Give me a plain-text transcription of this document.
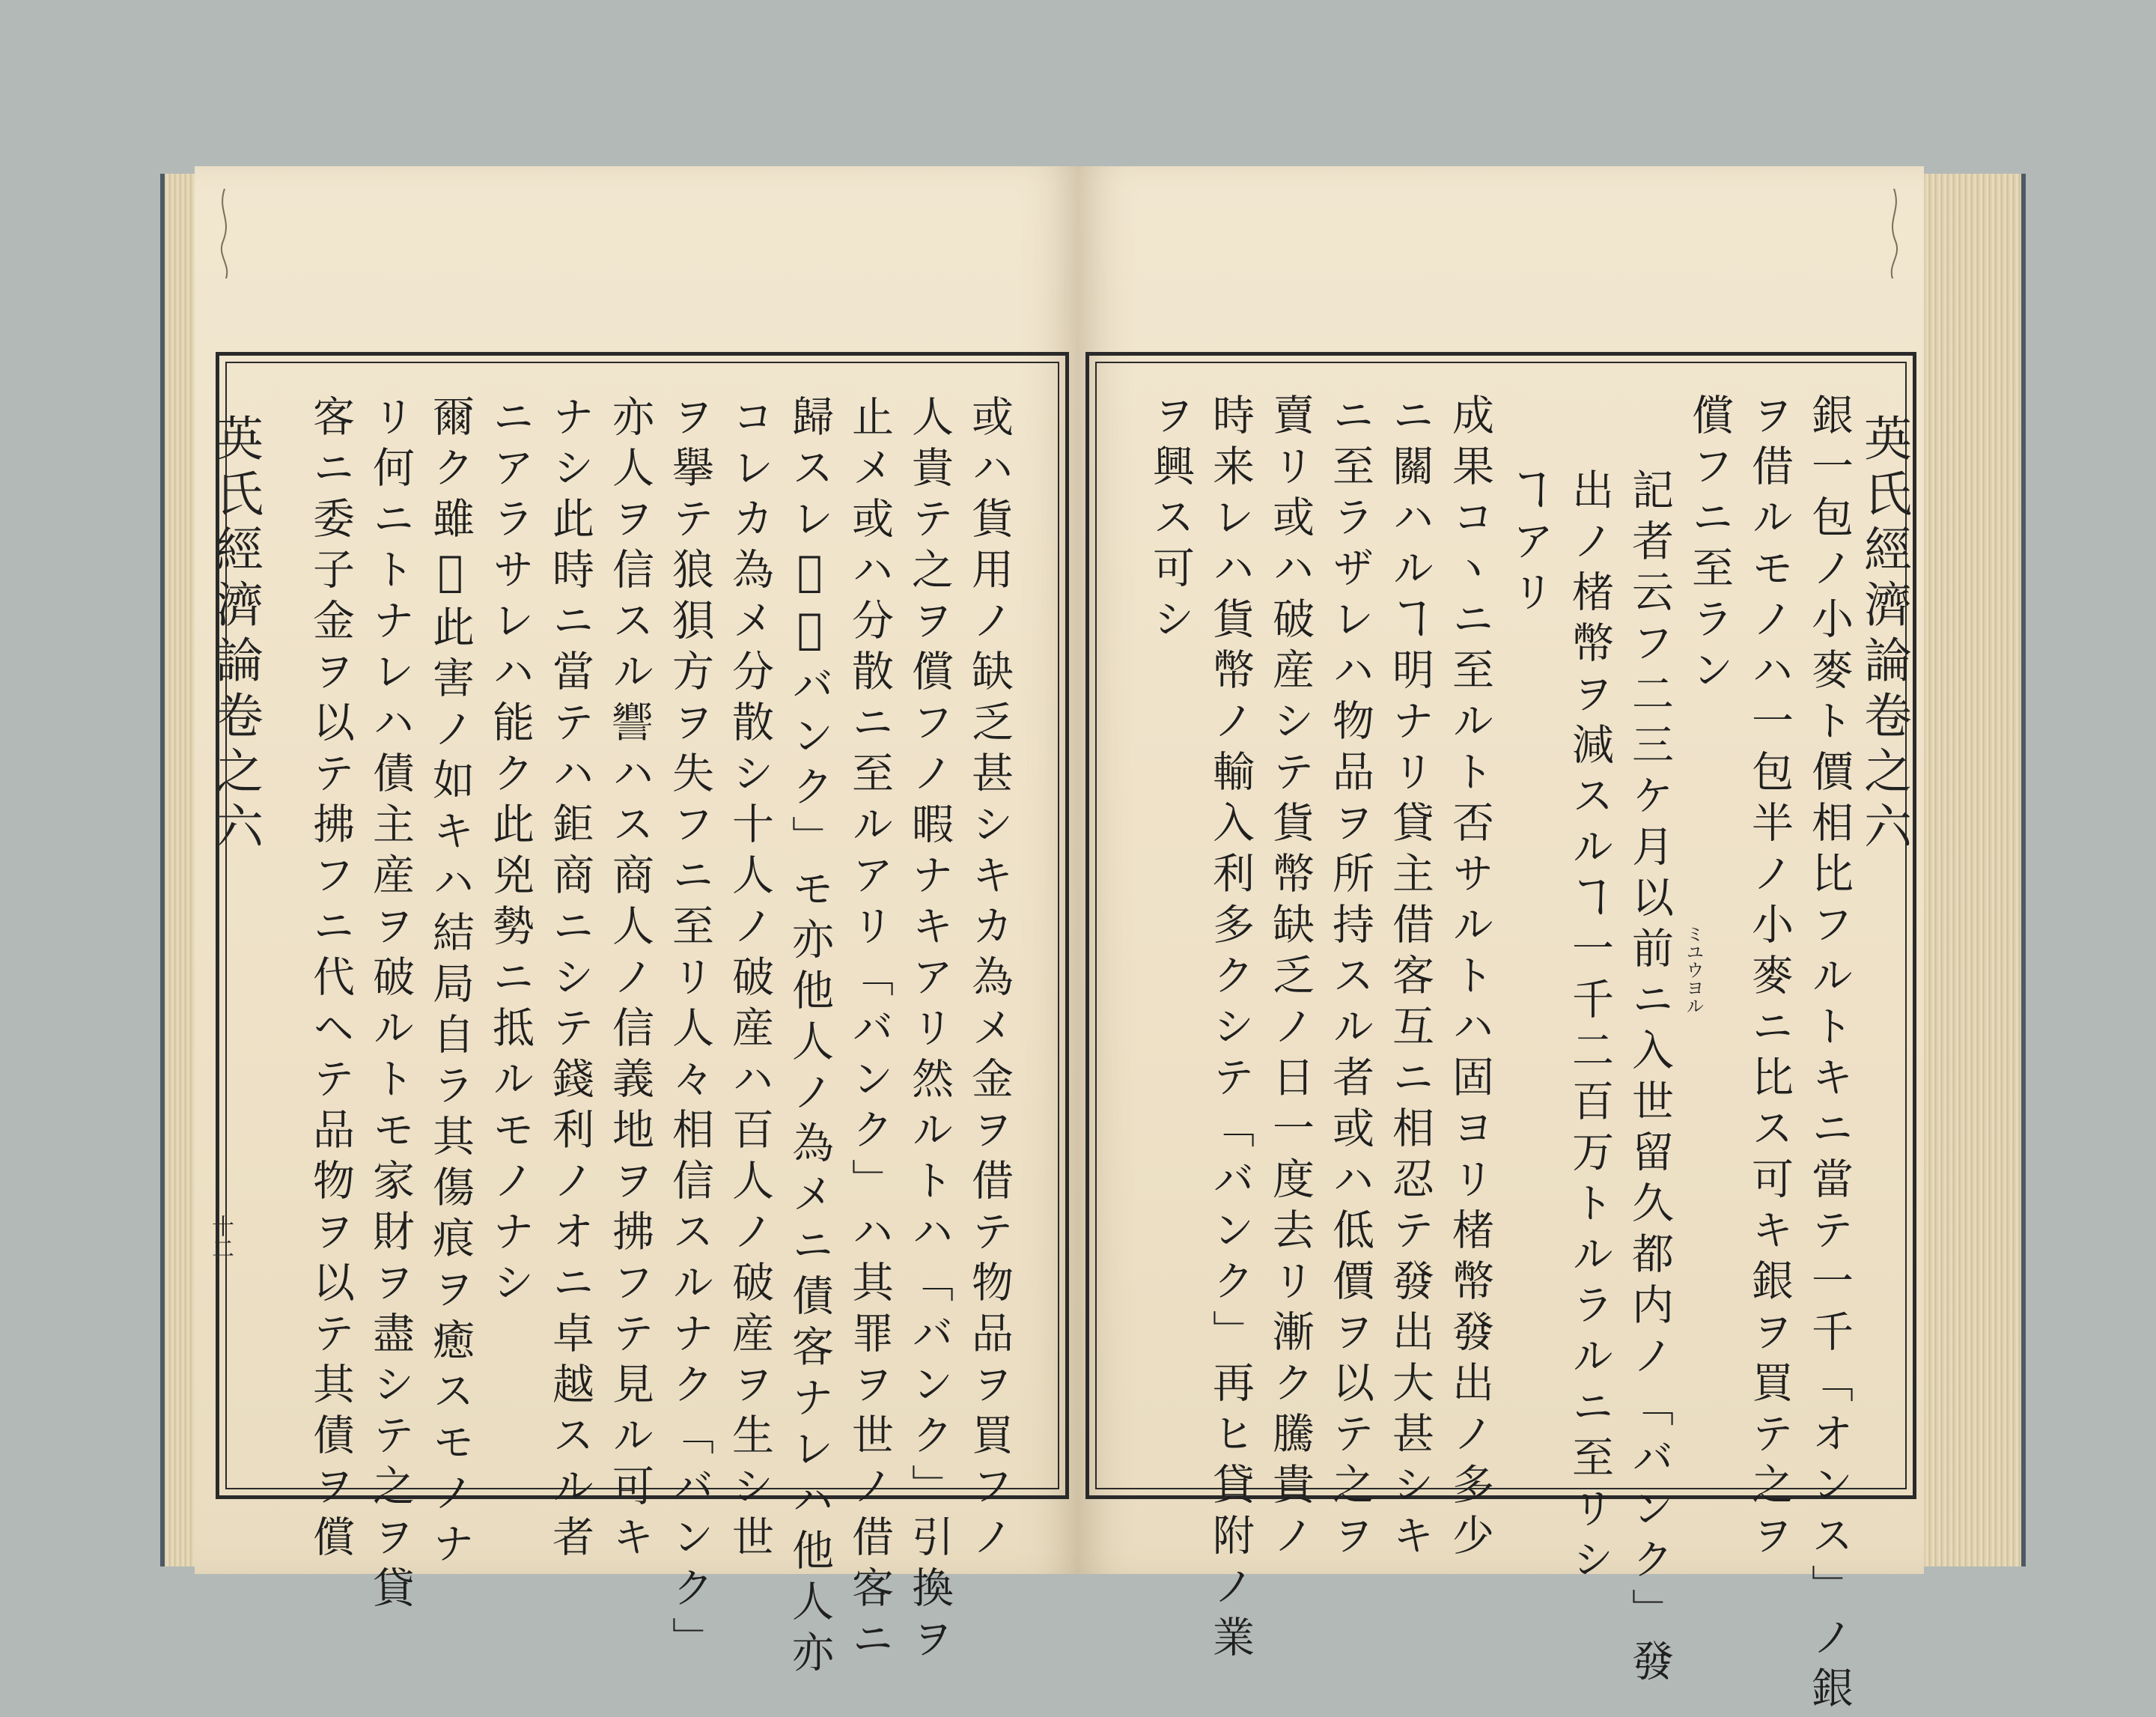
英氏經濟論卷之六
十二	或ハ貨用ノ缺乏甚シキカ為メ金ヲ借テ物品ヲ買フノ
人貴テ之ヲ償フノ暇ナキアリ然ルトハ「バンク」引換ヲ
止メ或ハ分散ニ至ルアリ「バンク」ハ其罪ヲ世ノ借客ニ
歸スレ𪜈「バンク」モ亦他人ノ為メニ債客ナレハ他人亦
コレカ為メ分散シ十人ノ破産ハ百人ノ破産ヲ生シ世
ヲ擧テ狼狽方ヲ失フニ至リ人々相信スルナク「バンク」
亦人ヲ信スル𧬰ハス商人ノ信義地ヲ拂フテ見ル可キ
ナシ此時ニ當テハ鉅商ニシテ錢利ノオニ卓越スル者
ニアラサレハ能ク此兇勢ニ抵ルモノナシ
爾ク雖𪜈此害ノ如キハ結局自ラ其傷痕ヲ癒スモノナ
リ何ニトナレハ債主産ヲ破ルトモ家財ヲ盡シテ之ヲ貸
客ニ委子金ヲ以テ拂フニ代ヘテ品物ヲ以テ其債ヲ償	銀一包ノ小麥ト價相比フルトキニ當テ一千「オンス」ノ銀
ヲ借ルモノハ一包半ノ小麥ニ比ス可キ銀ヲ買テ之ヲ
償フニ至ラン
記者云フ二三ケ月以前ニ入世留久都内ノ「バンク」發
出ノ楮幣ヲ減スルヿ一千二百万トルラルニ至リシ
ヿアリ
成果コヽニ至ルト否サルトハ固ヨリ楮幣發出ノ多少
ニ關ハルヿ明ナリ貸主借客互ニ相忍テ發出大甚シキ
ニ至ラザレハ物品ヲ所持スル者或ハ低價ヲ以テ之ヲ
賣リ或ハ破産シテ貨幣缺乏ノ日一度去リ漸ク騰貴ノ
時来レハ貨幣ノ輸入利多クシテ「バンク」再ヒ貸附ノ業
ヲ興ス可シ
ミユウヨル
英氏經濟論卷之六
